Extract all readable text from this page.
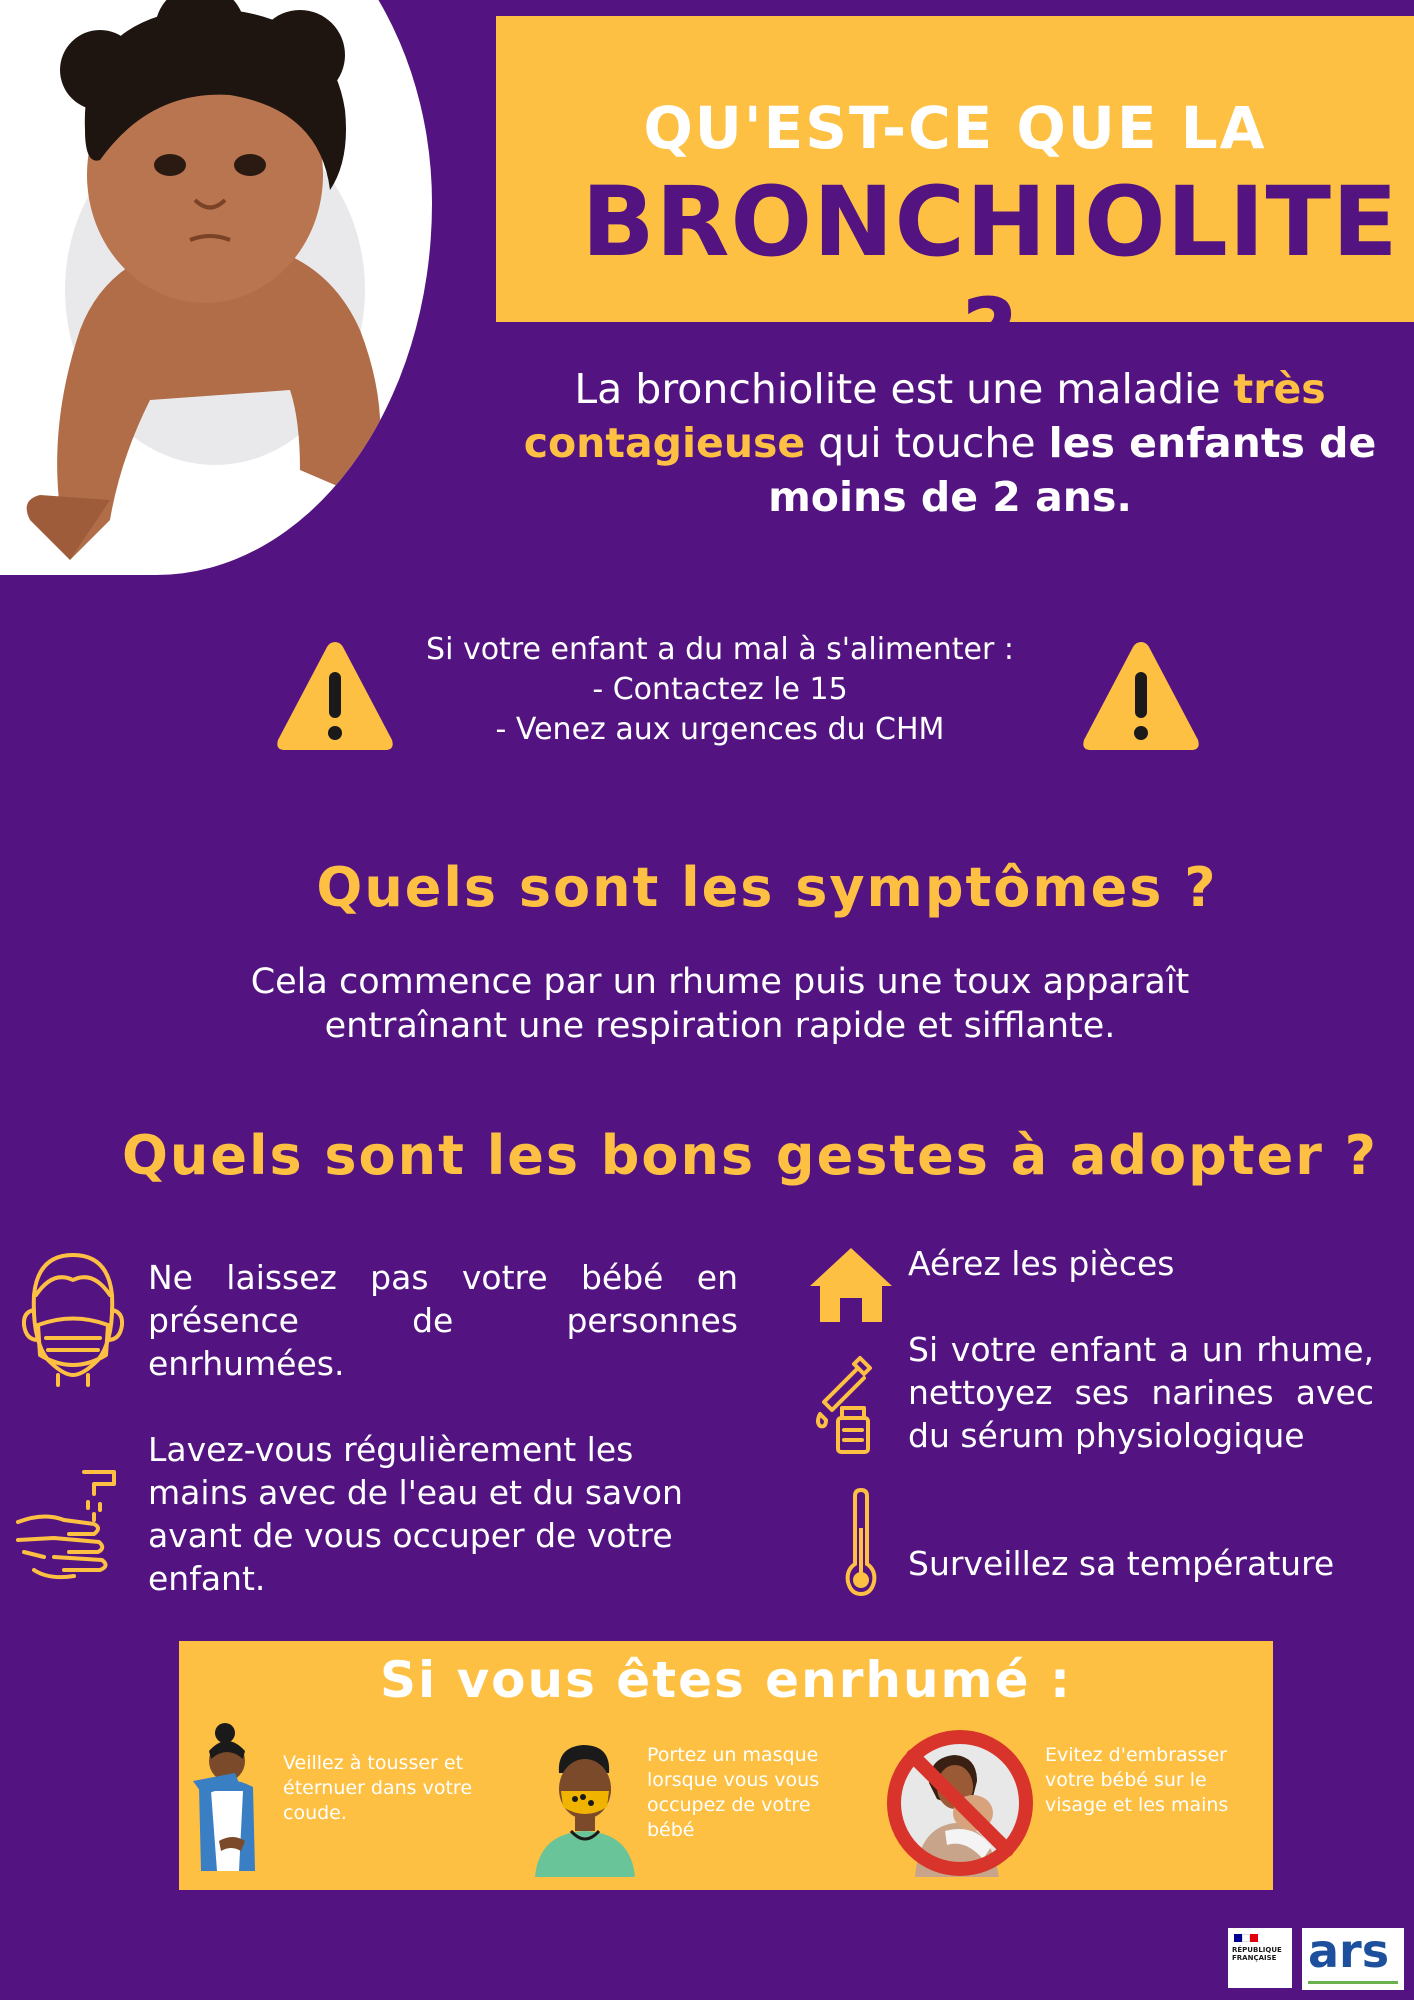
QU'EST-CE QUE LA
BRONCHIOLITE ?
La bronchiolite est une maladie très contagieuse qui touche les enfants de moins de 2 ans.
Si votre enfant a du mal à s'alimenter :
- Contactez le 15
- Venez aux urgences du CHM
Quels sont les symptômes ?
Cela commence par un rhume puis une toux apparaît entraînant une respiration rapide et sifflante.
Quels sont les bons gestes à adopter ?
Ne laissez pas votre bébé en présence de personnes enrhumées.
Lavez-vous régulièrement les mains avec de l'eau et du savon avant de vous occuper de votre enfant.
Aérez les pièces
Si votre enfant a un rhume, nettoyez ses narines avec du sérum physiologique
Surveillez sa température
Si vous êtes enrhumé :
Veillez à tousser et éternuer dans votre coude.
Portez un masque lorsque vous vous occupez de votre bébé
Evitez d'embrasser votre bébé sur le visage et les mains
RÉPUBLIQUE FRANÇAISE ars
